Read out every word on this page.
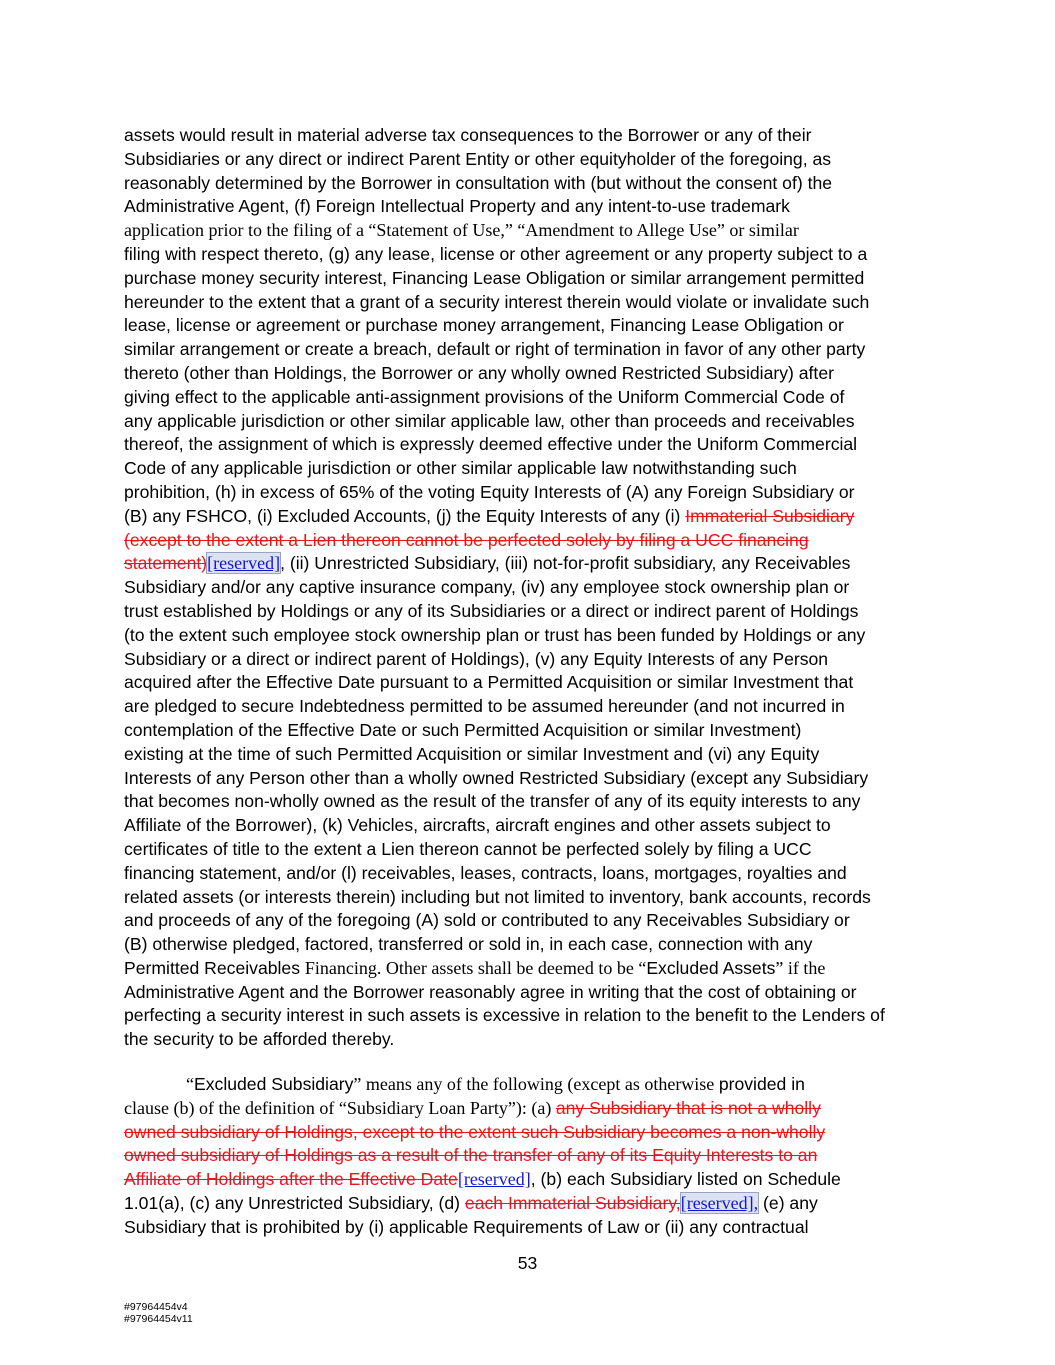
assets would result in material adverse tax consequences to the Borrower or any of their
Subsidiaries or any direct or indirect Parent Entity or other equityholder of the foregoing, as
reasonably determined by the Borrower in consultation with (but without the consent of) the
Administrative Agent, (f) Foreign Intellectual Property and any intent-to-use trademark
application prior to the filing of a “Statement of Use,” “Amendment to Allege Use” or similar
filing with respect thereto, (g) any lease, license or other agreement or any property subject to a
purchase money security interest, Financing Lease Obligation or similar arrangement permitted
hereunder to the extent that a grant of a security interest therein would violate or invalidate such
lease, license or agreement or purchase money arrangement, Financing Lease Obligation or
similar arrangement or create a breach, default or right of termination in favor of any other party
thereto (other than Holdings, the Borrower or any wholly owned Restricted Subsidiary) after
giving effect to the applicable anti-assignment provisions of the Uniform Commercial Code of
any applicable jurisdiction or other similar applicable law, other than proceeds and receivables
thereof, the assignment of which is expressly deemed effective under the Uniform Commercial
Code of any applicable jurisdiction or other similar applicable law notwithstanding such
prohibition, (h) in excess of 65% of the voting Equity Interests of (A) any Foreign Subsidiary or
(B) any FSHCO, (i) Excluded Accounts, (j) the Equity Interests of any (i) Immaterial Subsidiary
(except to the extent a Lien thereon cannot be perfected solely by filing a UCC financing
statement)[reserved], (ii) Unrestricted Subsidiary, (iii) not-for-profit subsidiary, any Receivables
Subsidiary and/or any captive insurance company, (iv) any employee stock ownership plan or
trust established by Holdings or any of its Subsidiaries or a direct or indirect parent of Holdings
(to the extent such employee stock ownership plan or trust has been funded by Holdings or any
Subsidiary or a direct or indirect parent of Holdings), (v) any Equity Interests of any Person
acquired after the Effective Date pursuant to a Permitted Acquisition or similar Investment that
are pledged to secure Indebtedness permitted to be assumed hereunder (and not incurred in
contemplation of the Effective Date or such Permitted Acquisition or similar Investment)
existing at the time of such Permitted Acquisition or similar Investment and (vi) any Equity
Interests of any Person other than a wholly owned Restricted Subsidiary (except any Subsidiary
that becomes non-wholly owned as the result of the transfer of any of its equity interests to any
Affiliate of the Borrower), (k) Vehicles, aircrafts, aircraft engines and other assets subject to
certificates of title to the extent a Lien thereon cannot be perfected solely by filing a UCC
financing statement, and/or (l) receivables, leases, contracts, loans, mortgages, royalties and
related assets (or interests therein) including but not limited to inventory, bank accounts, records
and proceeds of any of the foregoing (A) sold or contributed to any Receivables Subsidiary or
(B) otherwise pledged, factored, transferred or sold in, in each case, connection with any
Permitted Receivables Financing. Other assets shall be deemed to be “Excluded Assets” if the
Administrative Agent and the Borrower reasonably agree in writing that the cost of obtaining or
perfecting a security interest in such assets is excessive in relation to the benefit to the Lenders of
the security to be afforded thereby.
“Excluded Subsidiary” means any of the following (except as otherwise provided in
clause (b) of the definition of “Subsidiary Loan Party”): (a) any Subsidiary that is not a wholly
owned subsidiary of Holdings, except to the extent such Subsidiary becomes a non-wholly
owned subsidiary of Holdings as a result of the transfer of any of its Equity Interests to an
Affiliate of Holdings after the Effective Date[reserved], (b) each Subsidiary listed on Schedule
1.01(a), (c) any Unrestricted Subsidiary, (d) each Immaterial Subsidiary,[reserved], (e) any
Subsidiary that is prohibited by (i) applicable Requirements of Law or (ii) any contractual
53
#97964454v4
#97964454v11
